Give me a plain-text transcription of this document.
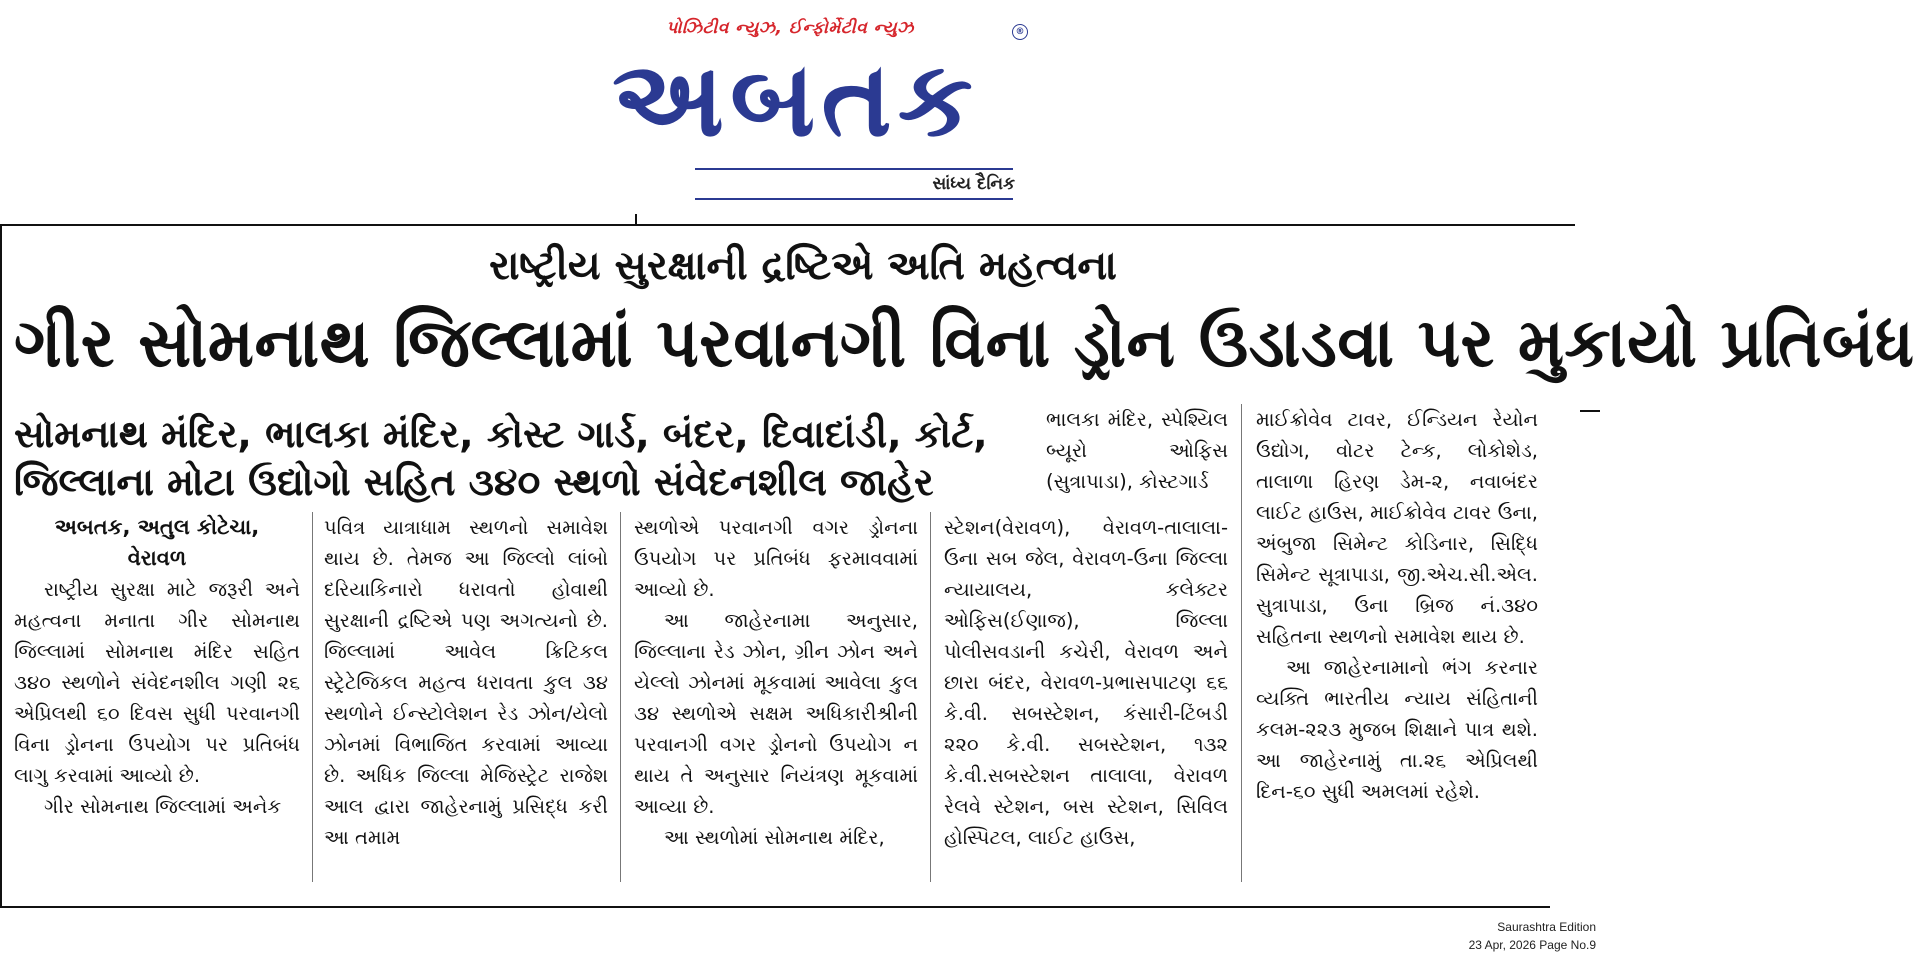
પોઝિટીવ ન્યુઝ, ઈન્ફોર્મેટીવ ન્યુઝ	®
અબતક
સાંધ્ય દૈનિક
રાષ્ટ્રીય સુરક્ષાની દ્રષ્ટિએ અતિ મહત્વના
ગીર સોમનાથ જિલ્લામાં પરવાનગી વિના ડ્રોન ઉડાડવા પર મુકાયો પ્રતિબંધ
સોમનાથ મંદિર, ભાલકા મંદિર, કોસ્ટ ગાર્ડ, બંદર, દિવાદાંડી, કોર્ટ,
જિલ્લાના મોટા ઉદ્યોગો સહિત ૩૪૦ સ્થળો સંવેદનશીલ જાહેર
અબતક, અતુલ કોટેચા,
વેરાવળ

રાષ્ટ્રીય સુરક્ષા માટે જરૂરી અને મહત્વના મનાતા ગીર સોમનાથ જિલ્લામાં સોમનાથ મંદિર સહિત ૩૪૦ સ્થળોને સંવેદનશીલ ગણી ૨૬ એપ્રિલથી ૬૦ દિવસ સુધી પરવાનગી વિના ડ્રોનના ઉપયોગ પર પ્રતિબંધ લાગુ કરવામાં આવ્યો છે.

ગીર સોમનાથ જિલ્લામાં અનેક

પવિત્ર યાત્રાધામ સ્થળનો સમાવેશ થાય છે. તેમજ આ જિલ્લો લાંબો દરિયાકિનારો ધરાવતો હોવાથી સુરક્ષાની દ્રષ્ટિએ પણ અગત્યનો છે. જિલ્લામાં આવેલ ક્રિટિકલ સ્ટ્રેટેજિકલ મહત્વ ધરાવતા કુલ ૩૪ સ્થળોને ઈન્સ્ટોલેશન રેડ ઝોન/યેલો ઝોનમાં વિભાજિત કરવામાં આવ્યા છે. અધિક જિલ્લા મેજિસ્ટ્રેટ રાજેશ આલ દ્વારા જાહેરનામું પ્રસિદ્ધ કરી આ તમામ

સ્થળોએ પરવાનગી વગર ડ્રોનના ઉપયોગ પર પ્રતિબંધ ફરમાવવામાં આવ્યો છે.

આ જાહેરનામા અનુસાર, જિલ્લાના રેડ ઝોન, ગ્રીન ઝોન અને યેલ્લો ઝોનમાં મૂકવામાં આવેલા કુલ ૩૪ સ્થળોએ સક્ષમ અધિકારીશ્રીની પરવાનગી વગર ડ્રોનનો ઉપયોગ ન થાય તે અનુસાર નિયંત્રણ મૂકવામાં આવ્યા છે.

આ સ્થળોમાં સોમનાથ મંદિર,

ભાલકા મંદિર, સ્પેશ્યિલ બ્યૂરો ઓફિસ (સુત્રાપાડા), કોસ્ટગાર્ડ

સ્ટેશન(વેરાવળ), વેરાવળ-તાલાલા-ઉના સબ જેલ, વેરાવળ-ઉના જિલ્લા ન્યાયાલય, કલેક્ટર ઓફિસ(ઈણાજ), જિલ્લા પોલીસવડાની કચેરી, વેરાવળ અને છારા બંદર, વેરાવળ-પ્રભાસપાટણ ૬૬ કે.વી. સબસ્ટેશન, કંસારી-ટિંબડી ૨૨૦ કે.વી. સબસ્ટેશન, ૧૩૨ કે.વી.સબસ્ટેશન તાલાલા, વેરાવળ રેલવે સ્ટેશન, બસ સ્ટેશન, સિવિલ હોસ્પિટલ, લાઈટ હાઉસ,

માઈક્રોવેવ ટાવર, ઈન્ડિયન રેયોન ઉદ્યોગ, વોટર ટેન્ક, લોકોશેડ, તાલાળા હિરણ ડેમ-૨, નવાબંદર લાઈટ હાઉસ, માઈક્રોવેવ ટાવર ઉના, અંબુજા સિમેન્ટ કોડિનાર, સિદ્ધિ સિમેન્ટ સૂત્રાપાડા, જી.એચ.સી.એલ. સુત્રાપાડા, ઉના બ્રિજ નં.૩૪૦ સહિતના સ્થળનો સમાવેશ થાય છે.

આ જાહેરનામાનો ભંગ કરનાર વ્યક્તિ ભારતીય ન્યાય સંહિતાની કલમ-૨૨૩ મુજબ શિક્ષાને પાત્ર થશે. આ જાહેરનામું તા.૨૬ એપ્રિલથી દિન-૬૦ સુધી અમલમાં રહેશે.

Saurashtra Edition
23 Apr, 2026 Page No.9
